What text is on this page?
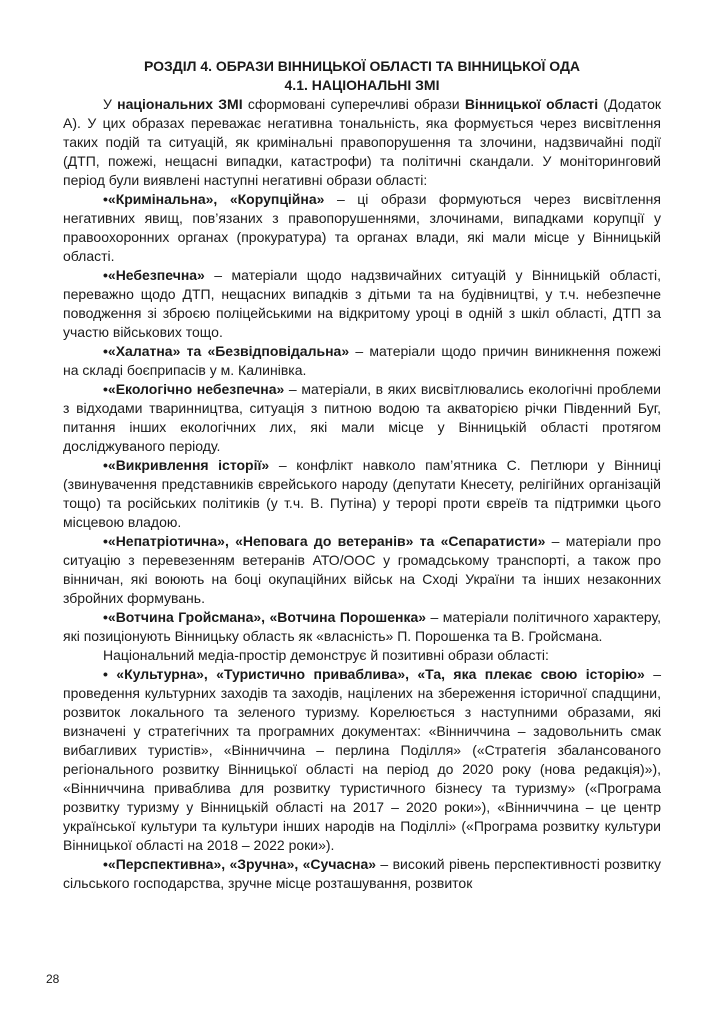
РОЗДІЛ 4. ОБРАЗИ ВІННИЦЬКОЇ ОБЛАСТІ ТА ВІННИЦЬКОЇ ОДА
4.1. НАЦІОНАЛЬНІ ЗМІ

У національних ЗМІ сформовані суперечливі образи Вінницької області (Додаток А). У цих образах переважає негативна тональність, яка формується через висвітлення таких подій та ситуацій, як кримінальні правопорушення та злочини, надзвичайні події (ДТП, пожежі, нещасні випадки, катастрофи) та політичні скандали. У моніторинговий період були виявлені наступні негативні образи області:

•«Кримінальна», «Корупційна» – ці образи формуються через висвітлення негативних явищ, пов’язаних з правопорушеннями, злочинами, випадками корупції у правоохоронних органах (прокуратура) та органах влади, які мали місце у Вінницькій області.

•«Небезпечна» – матеріали щодо надзвичайних ситуацій у Вінницькій області, переважно щодо ДТП, нещасних випадків з дітьми та на будівництві, у т.ч. небезпечне поводження зі зброєю поліцейськими на відкритому уроці в одній з шкіл області, ДТП за участю військових тощо.

•«Халатна» та «Безвідповідальна» – матеріали щодо причин виникнення пожежі на складі боєприпасів у м. Калинівка.

•«Екологічно небезпечна» – матеріали, в яких висвітлювались екологічні проблеми з відходами тваринництва, ситуація з питною водою та акваторією річки Південний Буг, питання інших екологічних лих, які мали місце у Вінницькій області протягом досліджуваного періоду.

•«Викривлення історії» – конфлікт навколо пам’ятника С. Петлюри у Вінниці (звинувачення представників єврейського народу (депутати Кнесету, релігійних організацій тощо) та російських політиків (у т.ч. В. Путіна) у терорі проти євреїв та підтримки цього місцевою владою.

•«Непатріотична», «Неповага до ветеранів» та «Сепаратисти» – матеріали про ситуацію з перевезенням ветеранів АТО/ООС у громадському транспорті, а також про вінничан, які воюють на боці окупаційних військ на Сході України та інших незаконних збройних формувань.

•«Вотчина Гройсмана», «Вотчина Порошенка» – матеріали політичного характеру, які позиціонують Вінницьку область як «власність» П. Порошенка та В. Гройсмана.

Національний медіа-простір демонструє й позитивні образи області:

• «Культурна», «Туристично приваблива», «Та, яка плекає свою історію» – проведення культурних заходів та заходів, націлених на збереження історичної спадщини, розвиток локального та зеленого туризму. Корелюється з наступними образами, які визначені у стратегічних та програмних документах: «Вінниччина – задовольнить смак вибагливих туристів», «Вінниччина – перлина Поділля» («Стратегія збалансованого регіонального розвитку Вінницької області на період до 2020 року (нова редакція)»), «Вінниччина приваблива для розвитку туристичного бізнесу та туризму» («Програма розвитку туризму у Вінницькій області на 2017 – 2020 роки»), «Вінниччина – це центр української культури та культури інших народів на Поділлі» («Програма розвитку культури Вінницької області на 2018 – 2022 роки»).

•«Перспективна», «Зручна», «Сучасна» – високий рівень перспективності розвитку сільського господарства, зручне місце розташування, розвиток

28
